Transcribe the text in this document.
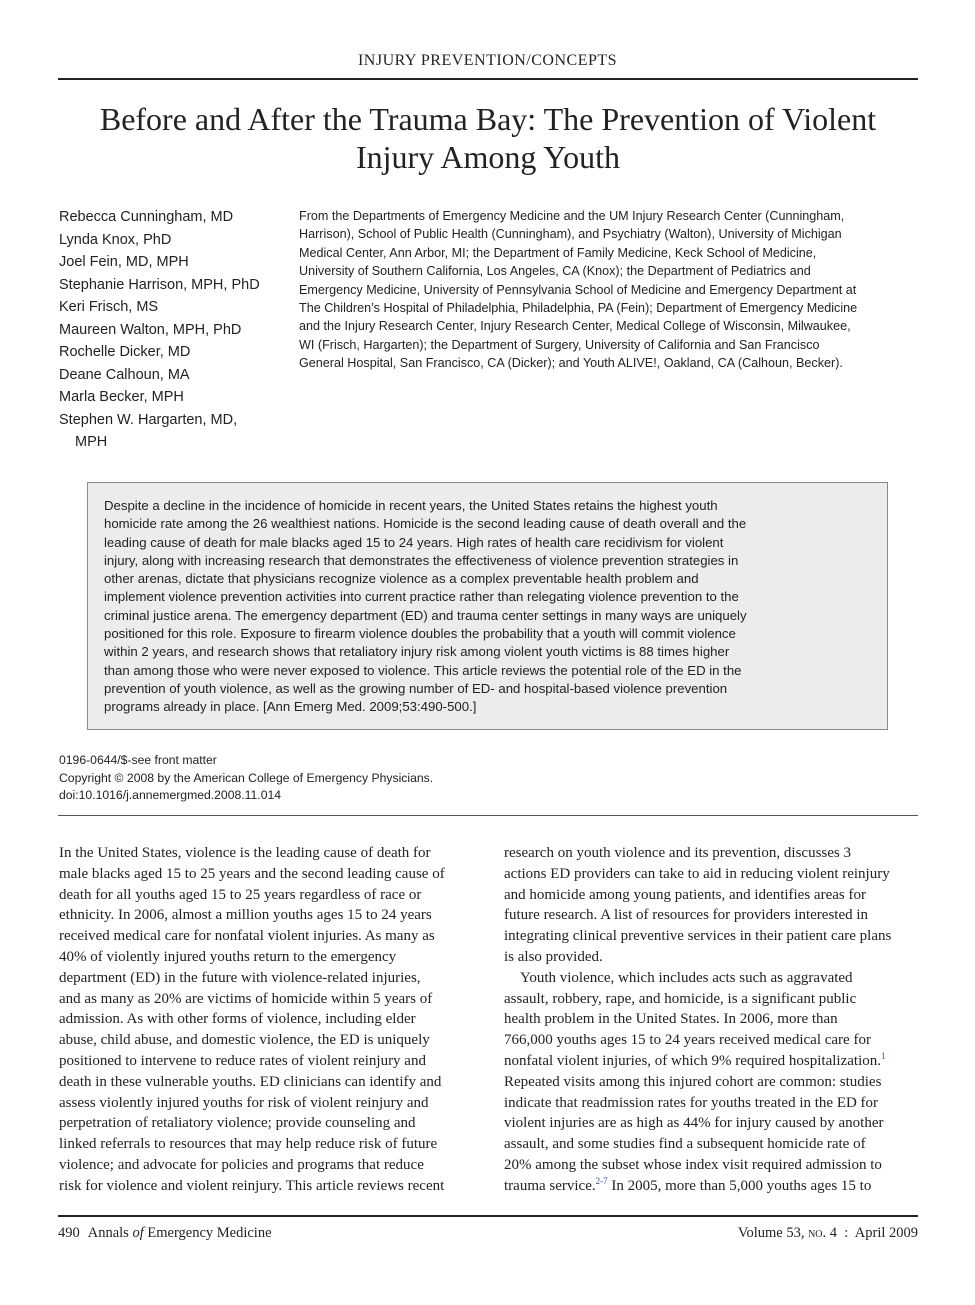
INJURY PREVENTION/CONCEPTS
Before and After the Trauma Bay: The Prevention of Violent
Injury Among Youth
Rebecca Cunningham, MD
Lynda Knox, PhD
Joel Fein, MD, MPH
Stephanie Harrison, MPH, PhD
Keri Frisch, MS
Maureen Walton, MPH, PhD
Rochelle Dicker, MD
Deane Calhoun, MA
Marla Becker, MPH
Stephen W. Hargarten, MD,
MPH
From the Departments of Emergency Medicine and the UM Injury Research Center (Cunningham,
Harrison), School of Public Health (Cunningham), and Psychiatry (Walton), University of Michigan
Medical Center, Ann Arbor, MI; the Department of Family Medicine, Keck School of Medicine,
University of Southern California, Los Angeles, CA (Knox); the Department of Pediatrics and
Emergency Medicine, University of Pennsylvania School of Medicine and Emergency Department at
The Children’s Hospital of Philadelphia, Philadelphia, PA (Fein); Department of Emergency Medicine
and the Injury Research Center, Injury Research Center, Medical College of Wisconsin, Milwaukee,
WI (Frisch, Hargarten); the Department of Surgery, University of California and San Francisco
General Hospital, San Francisco, CA (Dicker); and Youth ALIVE!, Oakland, CA (Calhoun, Becker).

Despite a decline in the incidence of homicide in recent years, the United States retains the highest youth

homicide rate among the 26 wealthiest nations. Homicide is the second leading cause of death overall and the

leading cause of death for male blacks aged 15 to 24 years. High rates of health care recidivism for violent

injury, along with increasing research that demonstrates the effectiveness of violence prevention strategies in

other arenas, dictate that physicians recognize violence as a complex preventable health problem and

implement violence prevention activities into current practice rather than relegating violence prevention to the

criminal justice arena. The emergency department (ED) and trauma center settings in many ways are uniquely

positioned for this role. Exposure to firearm violence doubles the probability that a youth will commit violence

within 2 years, and research shows that retaliatory injury risk among violent youth victims is 88 times higher

than among those who were never exposed to violence. This article reviews the potential role of the ED in the

prevention of youth violence, as well as the growing number of ED- and hospital-based violence prevention

programs already in place. [Ann Emerg Med. 2009;53:490-500.]

0196-0644/$-see front matter
Copyright © 2008 by the American College of Emergency Physicians.
doi:10.1016/j.annemergmed.2008.11.014

In the United States, violence is the leading cause of death for

male blacks aged 15 to 25 years and the second leading cause of

death for all youths aged 15 to 25 years regardless of race or

ethnicity. In 2006, almost a million youths ages 15 to 24 years

received medical care for nonfatal violent injuries. As many as

40% of violently injured youths return to the emergency

department (ED) in the future with violence-related injuries,

and as many as 20% are victims of homicide within 5 years of

admission. As with other forms of violence, including elder

abuse, child abuse, and domestic violence, the ED is uniquely

positioned to intervene to reduce rates of violent reinjury and

death in these vulnerable youths. ED clinicians can identify and

assess violently injured youths for risk of violent reinjury and

perpetration of retaliatory violence; provide counseling and

linked referrals to resources that may help reduce risk of future

violence; and advocate for policies and programs that reduce

risk for violence and violent reinjury. This article reviews recent

research on youth violence and its prevention, discusses 3

actions ED providers can take to aid in reducing violent reinjury

and homicide among young patients, and identifies areas for

future research. A list of resources for providers interested in

integrating clinical preventive services in their patient care plans

is also provided.

Youth violence, which includes acts such as aggravated

assault, robbery, rape, and homicide, is a significant public

health problem in the United States. In 2006, more than

766,000 youths ages 15 to 24 years received medical care for

nonfatal violent injuries, of which 9% required hospitalization.$^1$

Repeated visits among this injured cohort are common: studies

indicate that readmission rates for youths treated in the ED for

violent injuries are as high as 44% for injury caused by another

assault, and some studies find a subsequent homicide rate of

20% among the subset whose index visit required admission to

trauma service.$^{2-7}$ In 2005, more than 5,000 youths ages 15 to

490 Annals of Emergency Medicine	Volume 53, no. 4  :  April 2009
